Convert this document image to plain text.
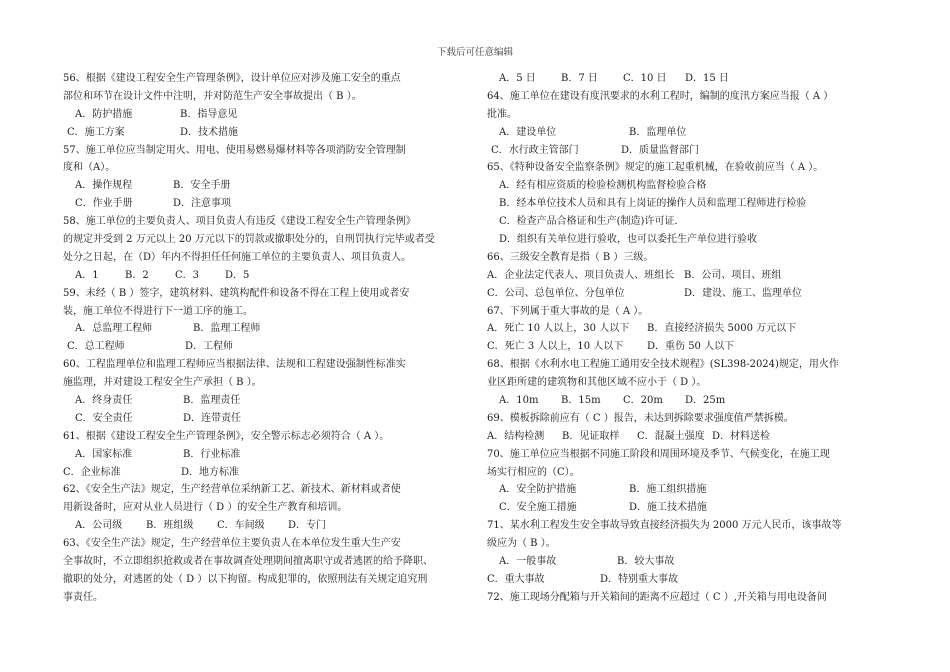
下载后可任意编辑
56、根据《建设工程安全生产管理条例》，设计单位应对涉及施工安全的重点
部位和环节在设计文件中注明，并对防范生产安全事故提出（ B ）。
A．防护措施	B．指导意见
C．施工方案	D．技术措施
57、施工单位应当制定用火、用电、使用易燃易爆材料等各项消防安全管理制
度和（A）。
A．操作规程	B．安全手册
C．作业手册	D．注意事项
58、施工单位的主要负责人、项目负责人有违反《建设工程安全生产管理条例》
的规定并受到 2 万元以上 20 万元以下的罚款或撤职处分的，自刑罚执行完毕或者受
处分之日起，在（D）年内不得担任任何施工单位的主要负责人、项目负责人。
A．1	B．2	C．3	D．5
59、未经（ B ）签字，建筑材料、建筑构配件和设备不得在工程上使用或者安
装，施工单位不得进行下一道工序的施工。
A．总监理工程师	B．监理工程师
C．总工程师	D．工程师
60、工程监理单位和监理工程师应当根据法律、法规和工程建设强制性标准实
施监理，并对建设工程安全生产承担（ B ）。
A．终身责任	B．监理责任
C．安全责任	D．连带责任
61、根据《建设工程安全生产管理条例》，安全警示标志必须符合（ A ）。
A．国家标准	B．行业标准
C．企业标准	D．地方标准
62、《安全生产法》规定，生产经营单位采纳新工艺、新技术、新材料或者使
用新设备时，应对从业人员进行（ D ）的安全生产教育和培训。
A．公司级 B．班组级 C．车间级 D．专门
63、《安全生产法》规定，生产经营单位主要负责人在本单位发生重大生产安
全事故时，不立即组织抢救或者在事故调查处理期间擅离职守或者逃匿的给予降职、
撤职的处分，对逃匿的处（ D ）以下拘留。构成犯罪的，依照刑法有关规定追究刑
事责任。
A．5 日	B．7 日	C．10 日 D．15 日
64、施工单位在建设有度汛要求的水利工程时，编制的度汛方案应当报（ A ）
批准。
A．建设单位	B．监理单位
C．水行政主管部门	D．质量监督部门
65、《特种设备安全监察条例》规定的施工起重机械，在验收前应当（ A ）。
A．经有相应资质的检验检测机构监督检验合格
B．经本单位技术人员和具有上岗证的操作人员和监理工程师进行检验
C．检查产品合格证和生产(制造)许可证．
D．组织有关单位进行验收，也可以委托生产单位进行验收
66、三级安全教育是指（ B ）三级。
A．企业法定代表人、项目负责人、班组长 B．公司、项目、班组
C．公司、总包单位、分包单位	D．建设、施工、监理单位
67、下列属于重大事故的是（ A ）。
A．死亡 10 人以上，30 人以下 B．直接经济损失 5000 万元以下
C．死亡 3 人以上，10 人以下 D．重伤 50 人以下
68、根据《水利水电工程施工通用安全技术规程》(SL398-2024)规定，用火作
业区距所建的建筑物和其他区域不应小于（ D ）。
A．10m B．15m C．20m D．25m
69、模板拆除前应有（ C ）报告，未达到拆除要求强度值严禁拆模。
A．结构检测 B．见证取样 C．混凝土强度 D．材料送检
70、施工单位应当根据不同施工阶段和周围环境及季节、气候变化，在施工现
场实行相应的（C）。
A．安全防护措施	B．施工组织措施
C．安全施工措施	D．施工技术措施
71、某水利工程发生安全事故导致直接经济损失为 2000 万元人民币，该事故等
级应为（ B ）。
A．一般事故	B．较大事故
C．重大事故	D．特别重大事故
72、施工现场分配箱与开关箱间的距离不应超过（ C ）,开关箱与用电设备间
